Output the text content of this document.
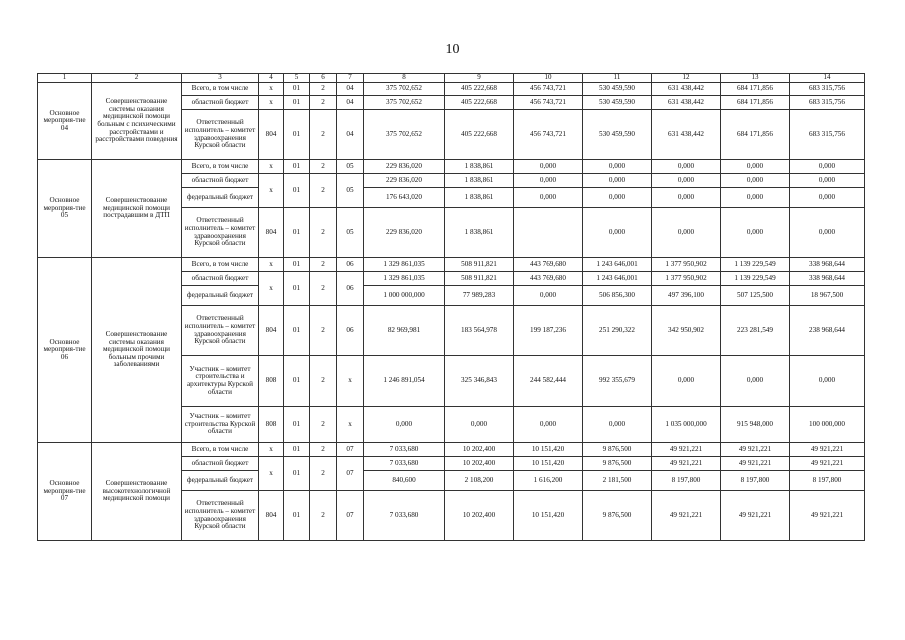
10
1	2	3	4	5	6	7	8	9	10	11	12	13	14
Основное мероприя-тие 04	Совершенствование системы оказания медицинской помощи больным с психическими расстройствами и расстройствами поведения	Всего, в том числе	х	01	2	04	375 702,652	405 222,668	456 743,721	530 459,590	631 438,442	684 171,856	683 315,756
		областной бюджет	х	01	2	04	375 702,652	405 222,668	456 743,721	530 459,590	631 438,442	684 171,856	683 315,756
		Ответственный исполнитель – комитет здравоохранения Курской области	804	01	2	04	375 702,652	405 222,668	456 743,721	530 459,590	631 438,442	684 171,856	683 315,756
Основное мероприя-тие 05	Совершенствование медицинской помощи пострадавшим в ДТП	Всего, в том числе	х	01	2	05	229 836,020	1 838,861	0,000	0,000	0,000	0,000	0,000
		областной бюджет	х	01	2	05	229 836,020	1 838,861	0,000	0,000	0,000	0,000	0,000
		федеральный бюджет					176 643,020	1 838,861	0,000	0,000	0,000	0,000	0,000
		Ответственный исполнитель – комитет здравоохранения Курской области	804	01	2	05	229 836,020	1 838,861		0,000	0,000	0,000	0,000
Основное мероприя-тие 06	Совершенствование системы оказания медицинской помощи больным прочими заболеваниями	Всего, в том числе	х	01	2	06	1 329 861,035	508 911,821	443 769,680	1 243 646,001	1 377 950,902	1 139 229,549	338 968,644
		областной бюджет	х	01	2	06	1 329 861,035	508 911,821	443 769,680	1 243 646,001	1 377 950,902	1 139 229,549	338 968,644
		федеральный бюджет					1 000 000,000	77 989,283	0,000	506 856,300	497 396,100	507 125,500	18 967,500
		Ответственный исполнитель – комитет здравоохранения Курской области	804	01	2	06	82 969,981	183 564,978	199 187,236	251 290,322	342 950,902	223 281,549	238 968,644
		Участник – комитет строительства и архитектуры Курской области	808	01	2	х	1 246 891,054	325 346,843	244 582,444	992 355,679	0,000	0,000	0,000
		Участник – комитет строительства Курской области	808	01	2	х	0,000	0,000	0,000	0,000	1 035 000,000	915 948,000	100 000,000
Основное мероприя-тие 07	Совершенствование высокотехнологичной медицинской помощи	Всего, в том числе	х	01	2	07	7 033,680	10 202,400	10 151,420	9 876,500	49 921,221	49 921,221	49 921,221
		областной бюджет	х	01	2	07	7 033,680	10 202,400	10 151,420	9 876,500	49 921,221	49 921,221	49 921,221
		федеральный бюджет					840,600	2 108,200	1 616,200	2 181,500	8 197,800	8 197,800	8 197,800
		Ответственный исполнитель – комитет здравоохранения Курской области	804	01	2	07	7 033,680	10 202,400	10 151,420	9 876,500	49 921,221	49 921,221	49 921,221
